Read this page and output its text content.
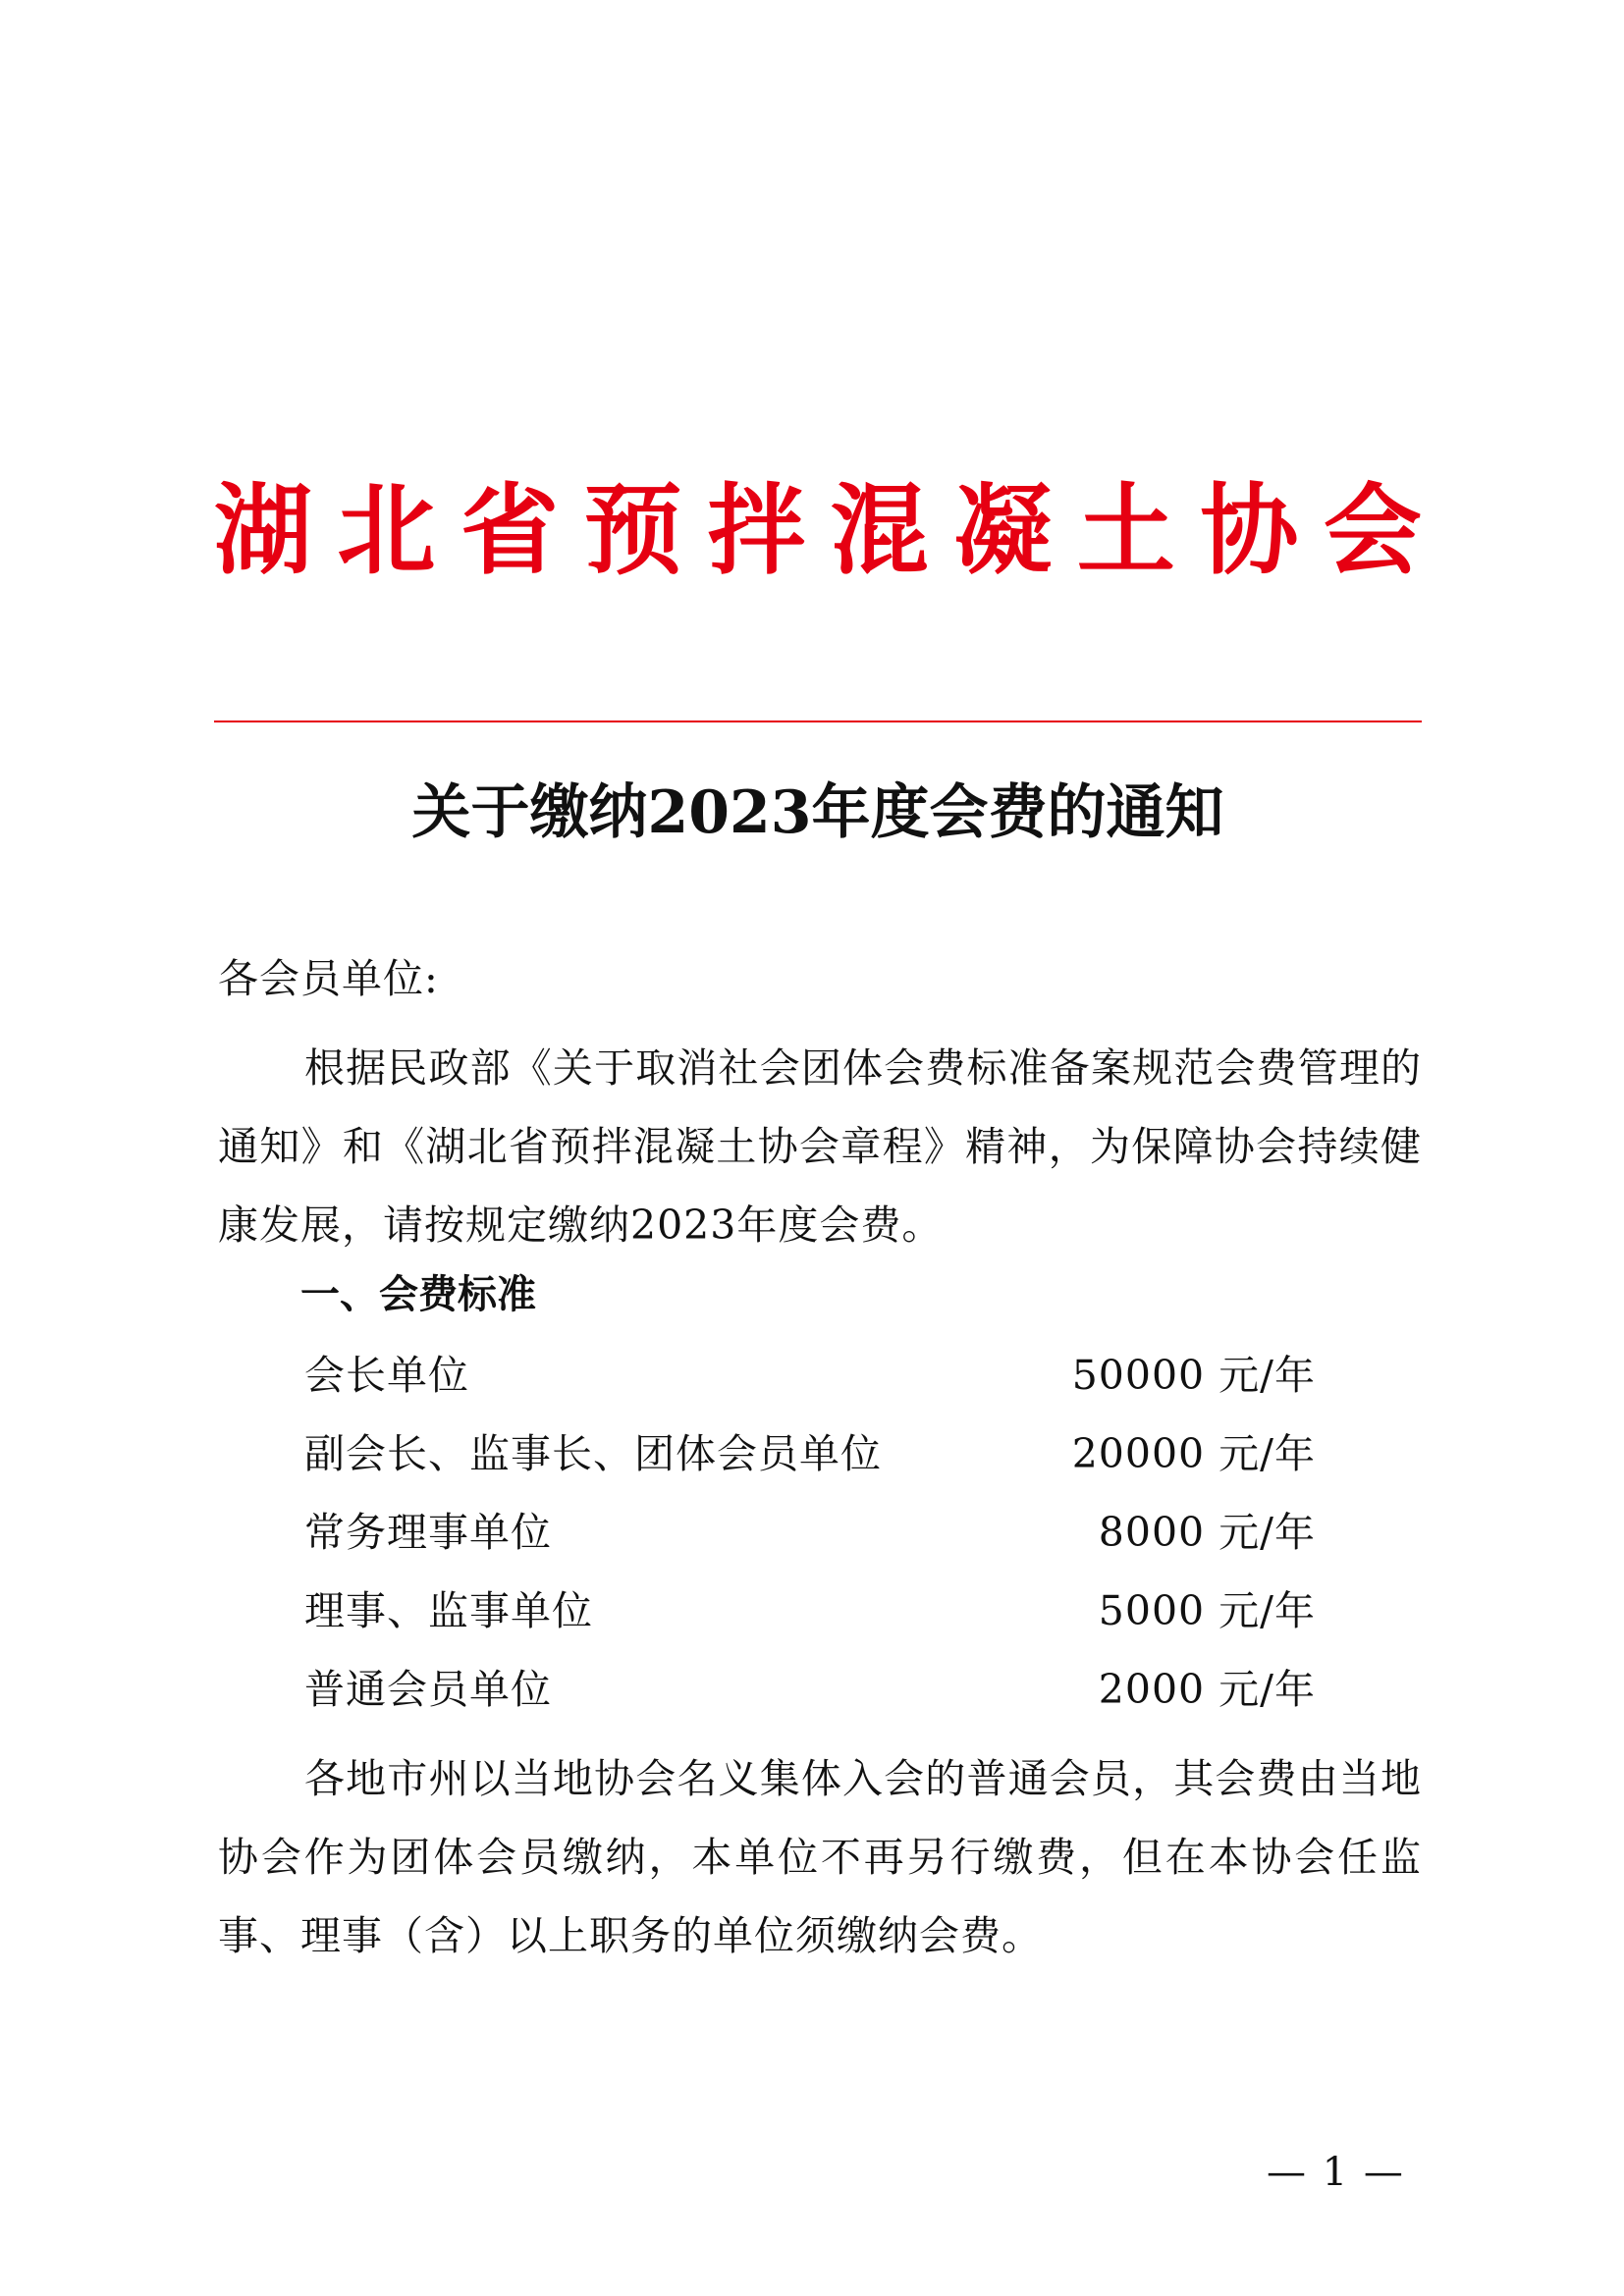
湖 北 省 预 拌 混 凝 土 协 会
关于缴纳2023年度会费的通知
各会员单位:
根据民政部《关于取消社会团体会费标准备案规范会费管理的通知》和《湖北省预拌混凝土协会章程》精神，为保障协会持续健康发展，请按规定缴纳2023年度会费。
一、会费标准
会长单位	50000 元/年
副会长、监事长、团体会员单位	20000 元/年
常务理事单位	8000 元/年
理事、监事单位	5000 元/年
普通会员单位	2000 元/年
各地市州以当地协会名义集体入会的普通会员，其会费由当地协会作为团体会员缴纳，本单位不再另行缴费，但在本协会任监事、理事（含）以上职务的单位须缴纳会费。
— 1 —
